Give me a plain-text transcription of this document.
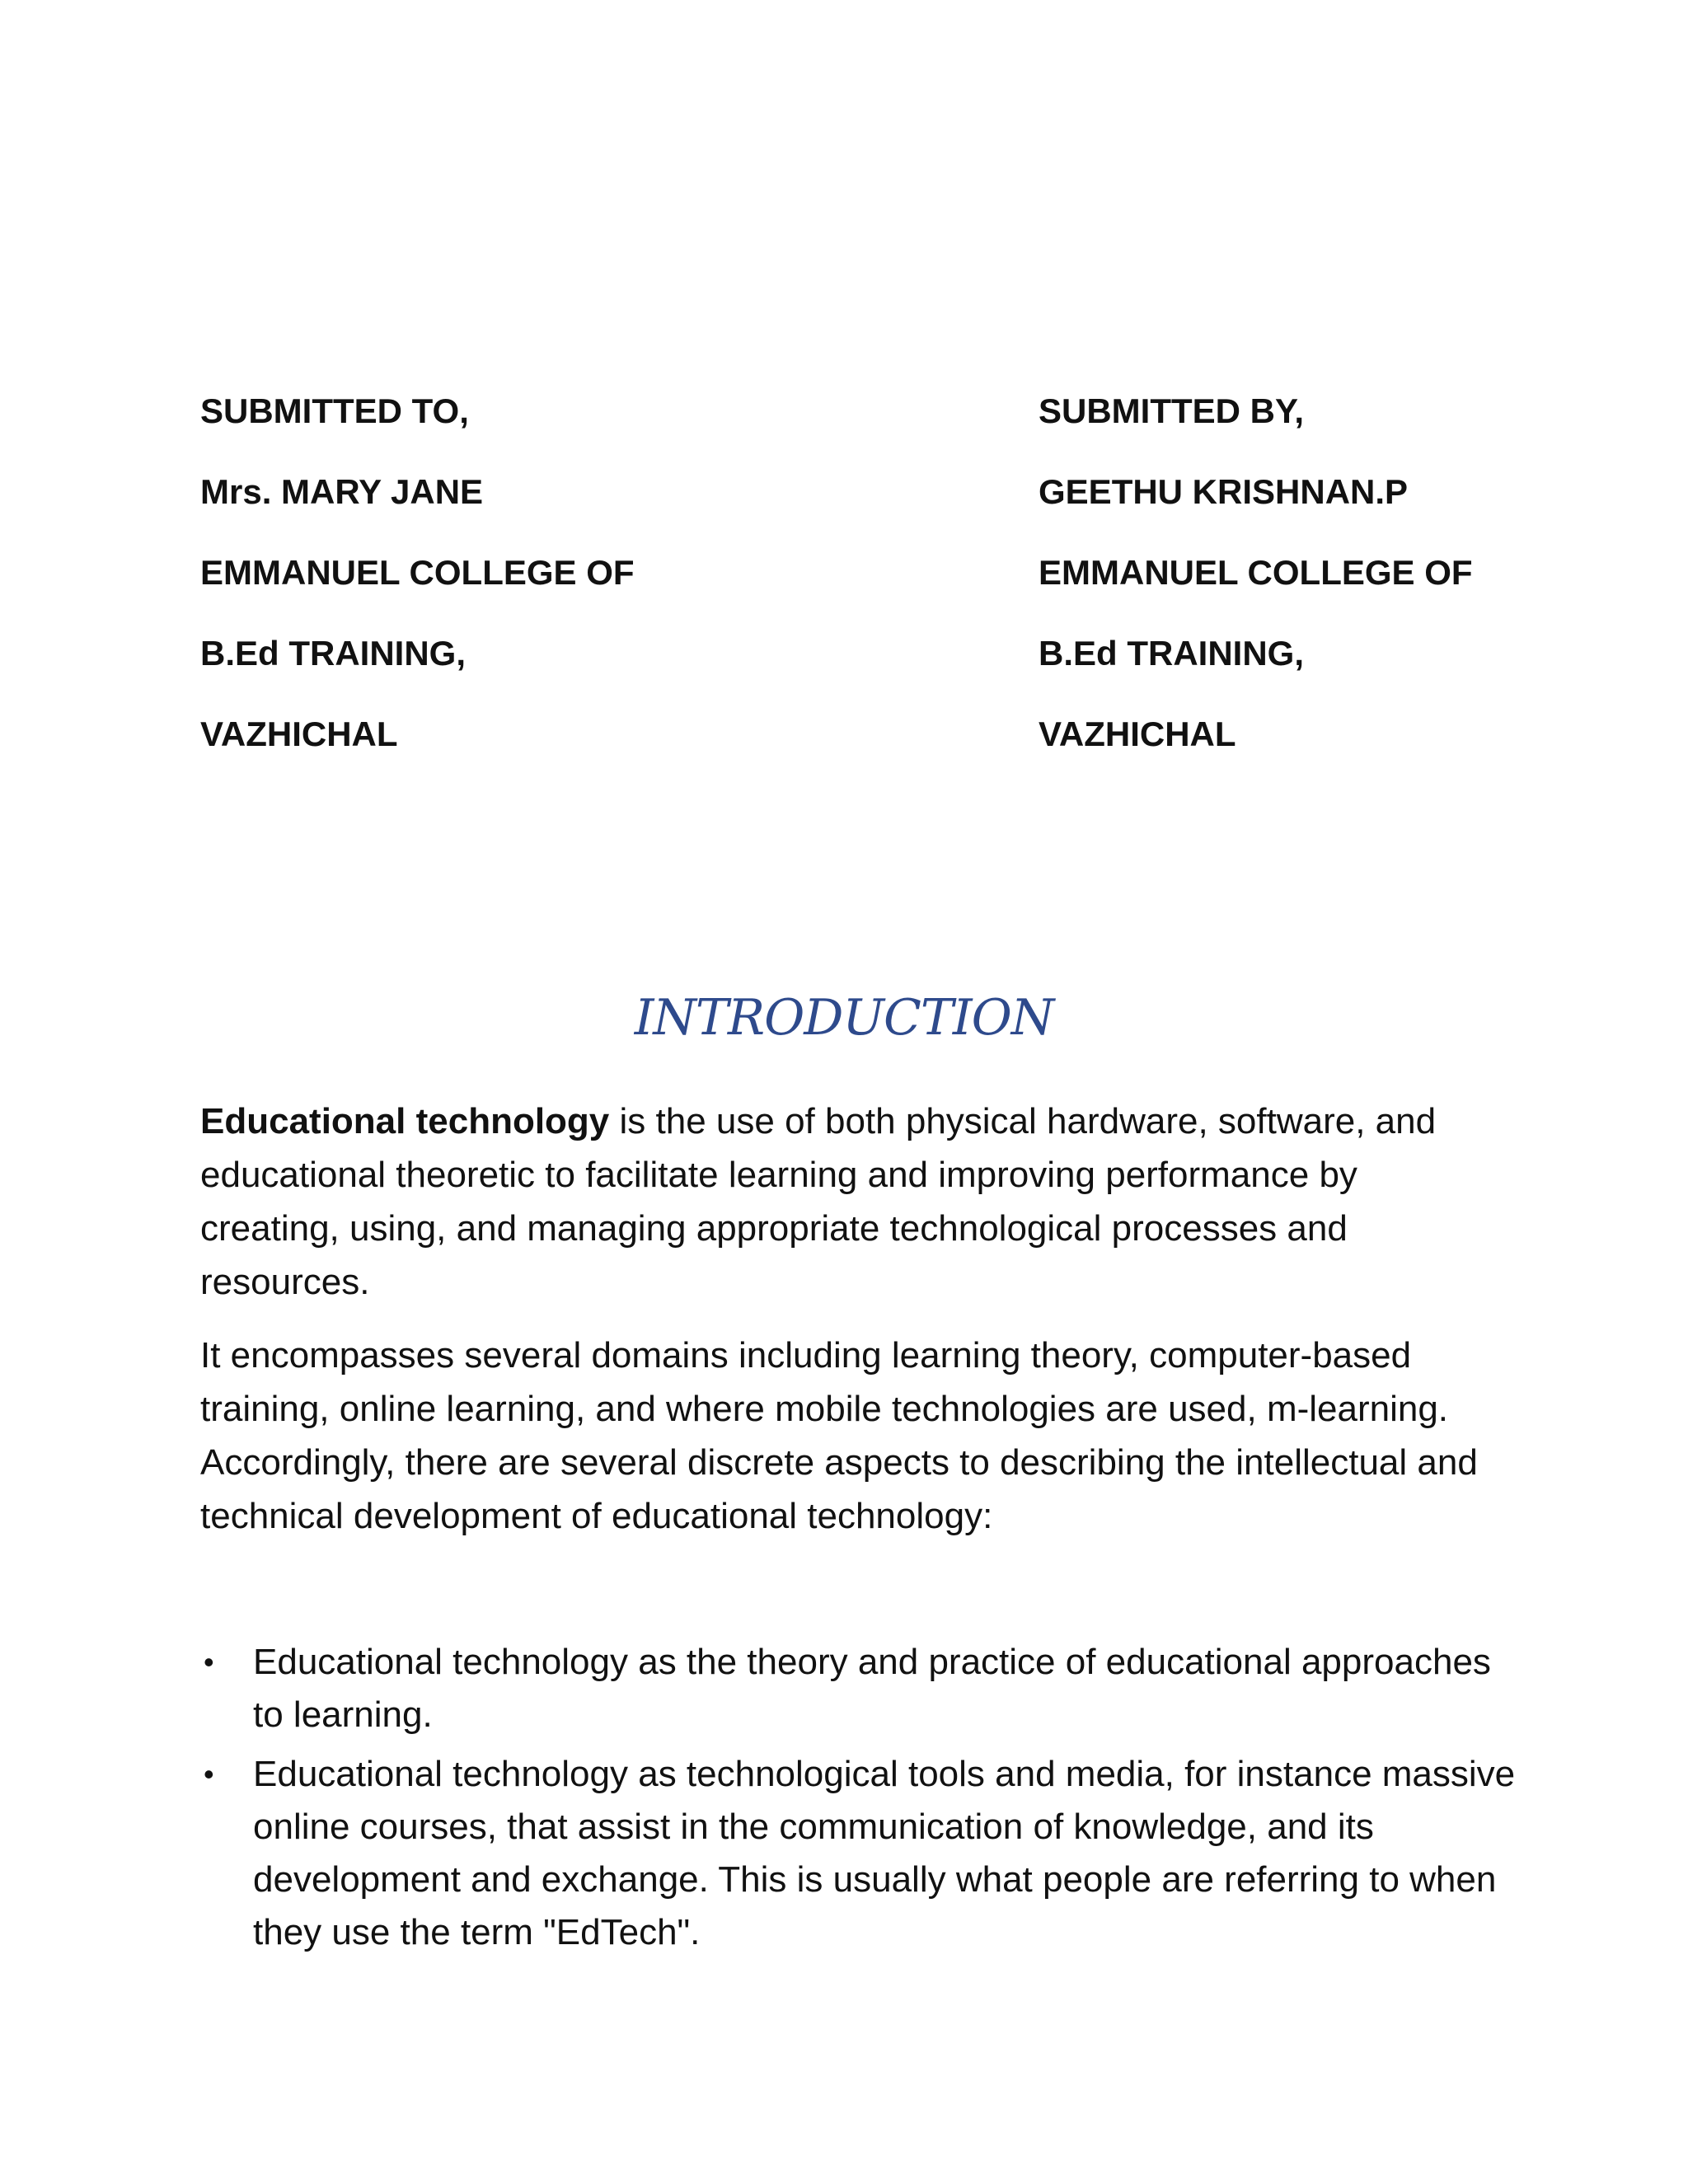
SUBMITTED TO,
Mrs. MARY JANE
EMMANUEL COLLEGE OF
B.Ed TRAINING,
VAZHICHAL
SUBMITTED BY,
GEETHU KRISHNAN.P
EMMANUEL COLLEGE OF
B.Ed TRAINING,
VAZHICHAL
INTRODUCTION

Educational technology is the use of both physical hardware, software, and educational theoretic to facilitate learning and improving performance by creating, using, and managing appropriate technological processes and resources.

It encompasses several domains including learning theory, computer-based training, online learning, and where mobile technologies are used, m-learning. Accordingly, there are several discrete aspects to describing the intellectual and technical development of educational technology:

• Educational technology as the theory and practice of educational approaches to learning.
• Educational technology as technological tools and media, for instance massive online courses, that assist in the communication of knowledge, and its development and exchange. This is usually what people are referring to when they use the term "EdTech".
